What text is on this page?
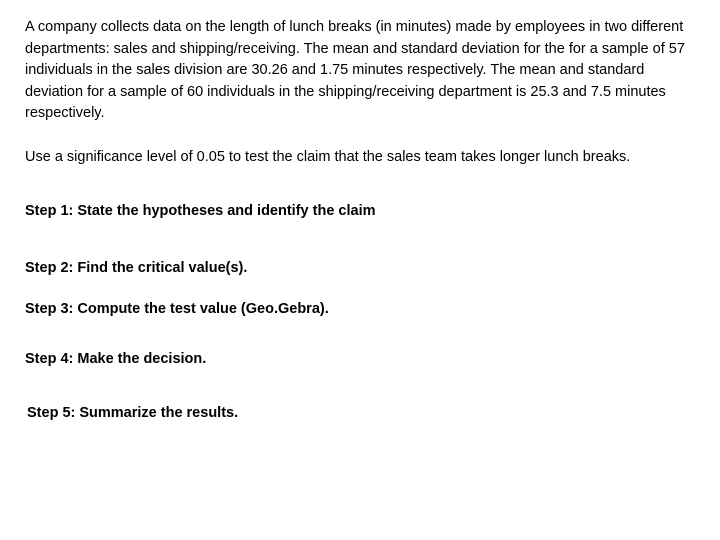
A company collects data on the length of lunch breaks (in minutes) made by employees in two different departments: sales and shipping/receiving. The mean and standard deviation for the for a sample of 57 individuals in the sales division are 30.26 and 1.75 minutes respectively. The mean and standard deviation for a sample of 60 individuals in the shipping/receiving department is 25.3 and 7.5 minutes respectively.

Use a significance level of 0.05 to test the claim that the sales team takes longer lunch breaks.

Step 1: State the hypotheses and identify the claim

Step 2: Find the critical value(s).

Step 3: Compute the test value (Geo.Gebra).

Step 4: Make the decision.

Step 5: Summarize the results.
